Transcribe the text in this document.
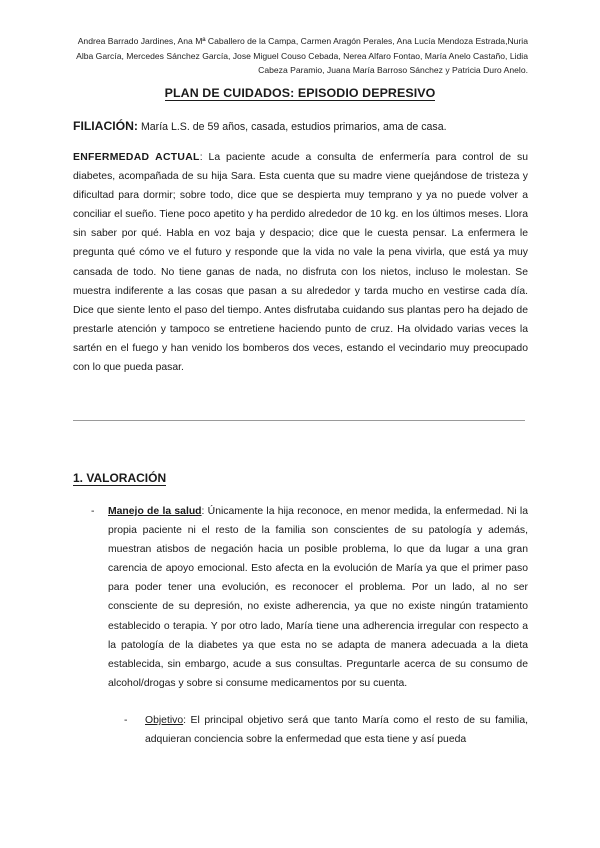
Andrea Barrado Jardines, Ana Mª Caballero de la Campa, Carmen Aragón Perales, Ana Lucía Mendoza Estrada,Nuria Alba García, Mercedes Sánchez García, Jose Miguel Couso Cebada, Nerea Alfaro Fontao, María Anelo Castaño, Lidia Cabeza Paramio, Juana María Barroso Sánchez y Patricia Duro Anelo.
PLAN DE CUIDADOS: EPISODIO DEPRESIVO
FILIACIÓN: María L.S. de 59 años, casada, estudios primarios, ama de casa.
ENFERMEDAD ACTUAL: La paciente acude a consulta de enfermería para control de su diabetes, acompañada de su hija Sara. Esta cuenta que su madre viene quejándose de tristeza y dificultad para dormir; sobre todo, dice que se despierta muy temprano y ya no puede volver a conciliar el sueño. Tiene poco apetito y ha perdido alrededor de 10 kg. en los últimos meses. Llora sin saber por qué. Habla en voz baja y despacio; dice que le cuesta pensar. La enfermera le pregunta qué cómo ve el futuro y responde que la vida no vale la pena vivirla, que está ya muy cansada de todo. No tiene ganas de nada, no disfruta con los nietos, incluso le molestan. Se muestra indiferente a las cosas que pasan a su alrededor y tarda mucho en vestirse cada día. Dice que siente lento el paso del tiempo. Antes disfrutaba cuidando sus plantas pero ha dejado de prestarle atención y tampoco se entretiene haciendo punto de cruz. Ha olvidado varias veces la sartén en el fuego y han venido los bomberos dos veces, estando el vecindario muy preocupado con lo que pueda pasar.
1. VALORACIÓN
- Manejo de la salud: Únicamente la hija reconoce, en menor medida, la enfermedad. Ni la propia paciente ni el resto de la familia son conscientes de su patología y además, muestran atisbos de negación hacia un posible problema, lo que da lugar a una gran carencia de apoyo emocional. Esto afecta en la evolución de María ya que el primer paso para poder tener una evolución, es reconocer el problema. Por un lado, al no ser consciente de su depresión, no existe adherencia, ya que no existe ningún tratamiento establecido o terapia. Y por otro lado, María tiene una adherencia irregular con respecto a la patología de la diabetes ya que esta no se adapta de manera adecuada a la dieta establecida, sin embargo, acude a sus consultas. Preguntarle acerca de su consumo de alcohol/drogas y sobre si consume medicamentos por su cuenta.
- Objetivo: El principal objetivo será que tanto María como el resto de su familia, adquieran conciencia sobre la enfermedad que esta tiene y así pueda
